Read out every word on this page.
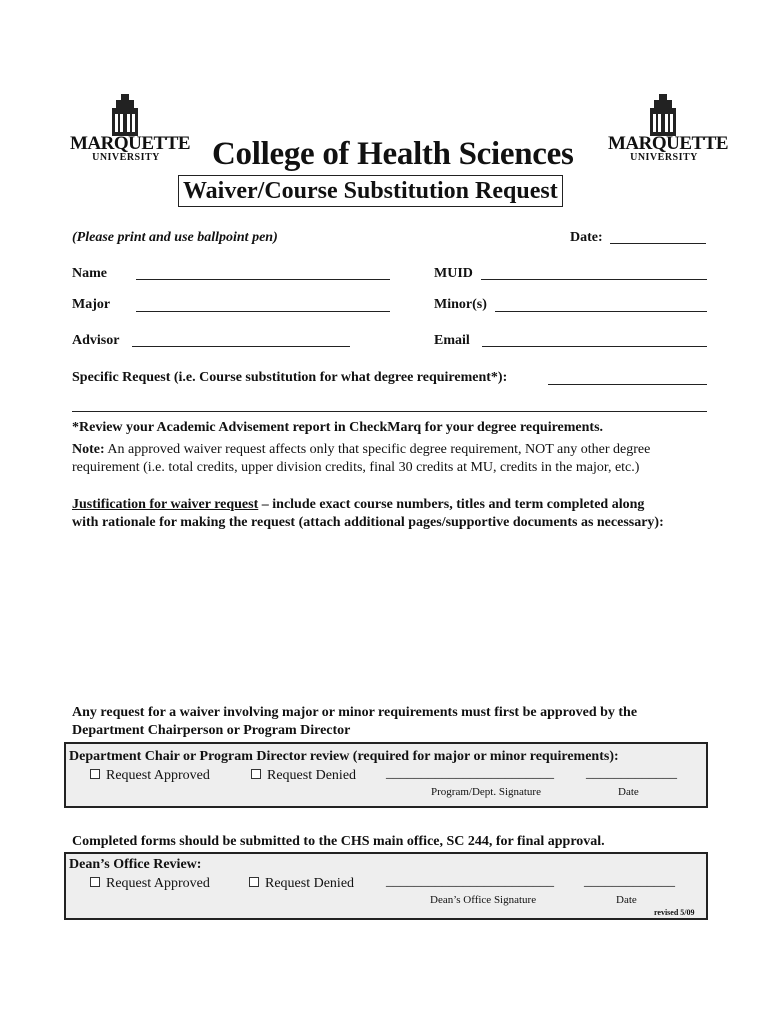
MARQUETTE
UNIVERSITY
MARQUETTE
UNIVERSITY
College of Health Sciences
Waiver/Course Substitution Request
(Please print and use ballpoint pen)	Date:
Name	MUID
Major	Minor(s)
Advisor	Email
Specific Request (i.e. Course substitution for what degree requirement*):
*Review your Academic Advisement report in CheckMarq for your degree requirements.
Note: An approved waiver request affects only that specific degree requirement, NOT any other degree
requirement (i.e. total credits, upper division credits, final 30 credits at MU, credits in the major, etc.)
Justification for waiver request – include exact course numbers, titles and term completed along
with rationale for making the request (attach additional pages/supportive documents as necessary):
Any request for a waiver involving major or minor requirements must first be approved by the
Department Chairperson or Program Director
Department Chair or Program Director review (required for major or minor requirements):
Request Approved	Request Denied ________________________ _____________
Program/Dept. Signature	Date
Completed forms should be submitted to the CHS main office, SC 244, for final approval.
Dean’s Office Review:
Request Approved	Request Denied ________________________ _____________
Dean’s Office Signature	Date
revised 5/09
